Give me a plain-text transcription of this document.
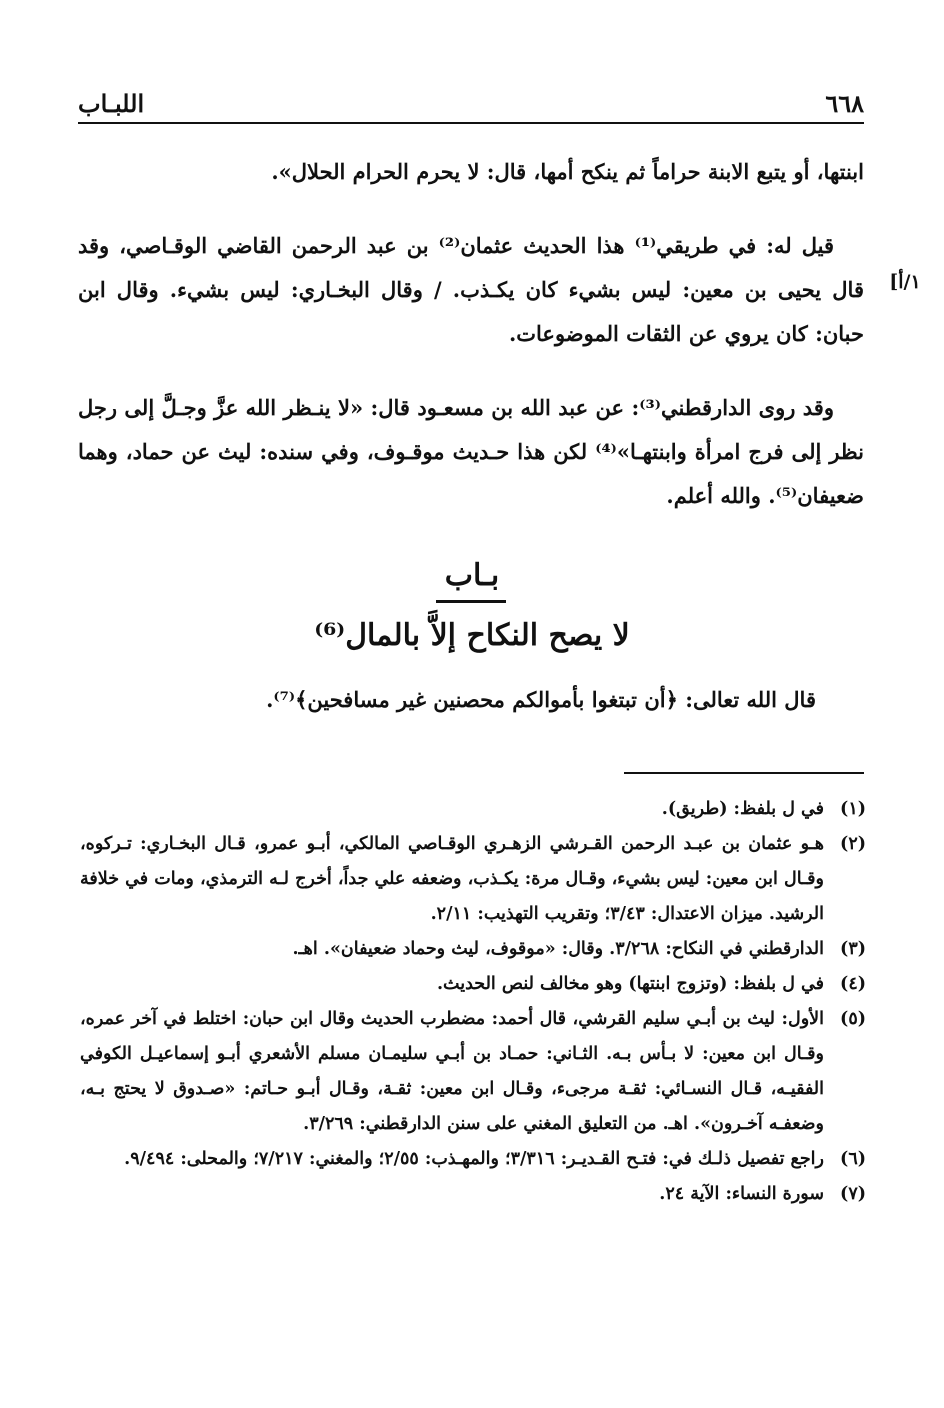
٦٦٨
اللبـاب
ابنتها، أو يتبع الابنة حراماً ثم ينكح أمها، قال: لا يحرم الحرام الحلال».
قيل له: في طريقي⁽¹⁾ هذا الحديث عثمان⁽²⁾ بن عبد الرحمن القاضي الوقـاصي، وقد قال يحيى بن معين: ليس بشيء كان يكـذب. / وقال البخـاري: ليس بشيء. وقال ابن حبان: كان يروي عن الثقات الموضوعات.
١/أ]
وقد روى الدارقطني⁽³⁾: عن عبد الله بن مسعـود قال: «لا ينـظر الله عزَّ وجـلَّ إلى رجل نظر إلى فرج امرأة وابنتهـا»⁽⁴⁾ لكن هذا حـديث موقـوف، وفي سنده: ليث عن حماد، وهما ضعيفان⁽⁵⁾. والله أعلم.
بـاب
لا يصح النكاح إلاَّ بالمال⁽⁶⁾
قال الله تعالى: ﴿أن تبتغوا بأموالكم محصنين غير مسافحين﴾⁽⁷⁾.
(١)
في ل بلفظ: (طريق).
(٢)
هـو عثمان بن عبـد الرحمن القـرشي الزهـري الوقـاصي المالكي، أبـو عمرو، قـال البخـاري: تـركوه، وقـال ابن معين: ليس بشيء، وقـال مرة: يكـذب، وضعفه علي جداً، أخرج لـه الترمذي، ومات في خلافة الرشيد. ميزان الاعتدال: ٣/٤٣؛ وتقريب التهذيب: ٢/١١.
(٣)
الدارقطني في النكاح: ٣/٢٦٨. وقال: «موقوف، ليث وحماد ضعيفان». اهـ.
(٤)
في ل بلفظ: (وتزوج ابنتها) وهو مخالف لنص الحديث.
(٥)
الأول: ليث بن أبـي سليم القرشي، قال أحمد: مضطرب الحديث وقال ابن حبان: اختلط في آخر عمره، وقـال ابن معين: لا بـأس بـه. الثـاني: حمـاد بن أبـي سليمـان مسلم الأشعري أبـو إسماعيـل الكوفي الفقيـه، قـال النسـائي: ثقـة مرجىء، وقـال ابن معين: ثقـة، وقـال أبـو حـاتم: «صـدوق لا يحتج بـه، وضعفـه آخـرون». اهـ. من التعليق المغني على سنن الدارقطني: ٣/٢٦٩.
(٦)
راجع تفصيل ذلـك في: فتـح القـديـر: ٣/٣١٦؛ والمهـذب: ٢/٥٥؛ والمغني: ٧/٢١٧؛ والمحلى: ٩/٤٩٤.
(٧)
سورة النساء: الآية ٢٤.
